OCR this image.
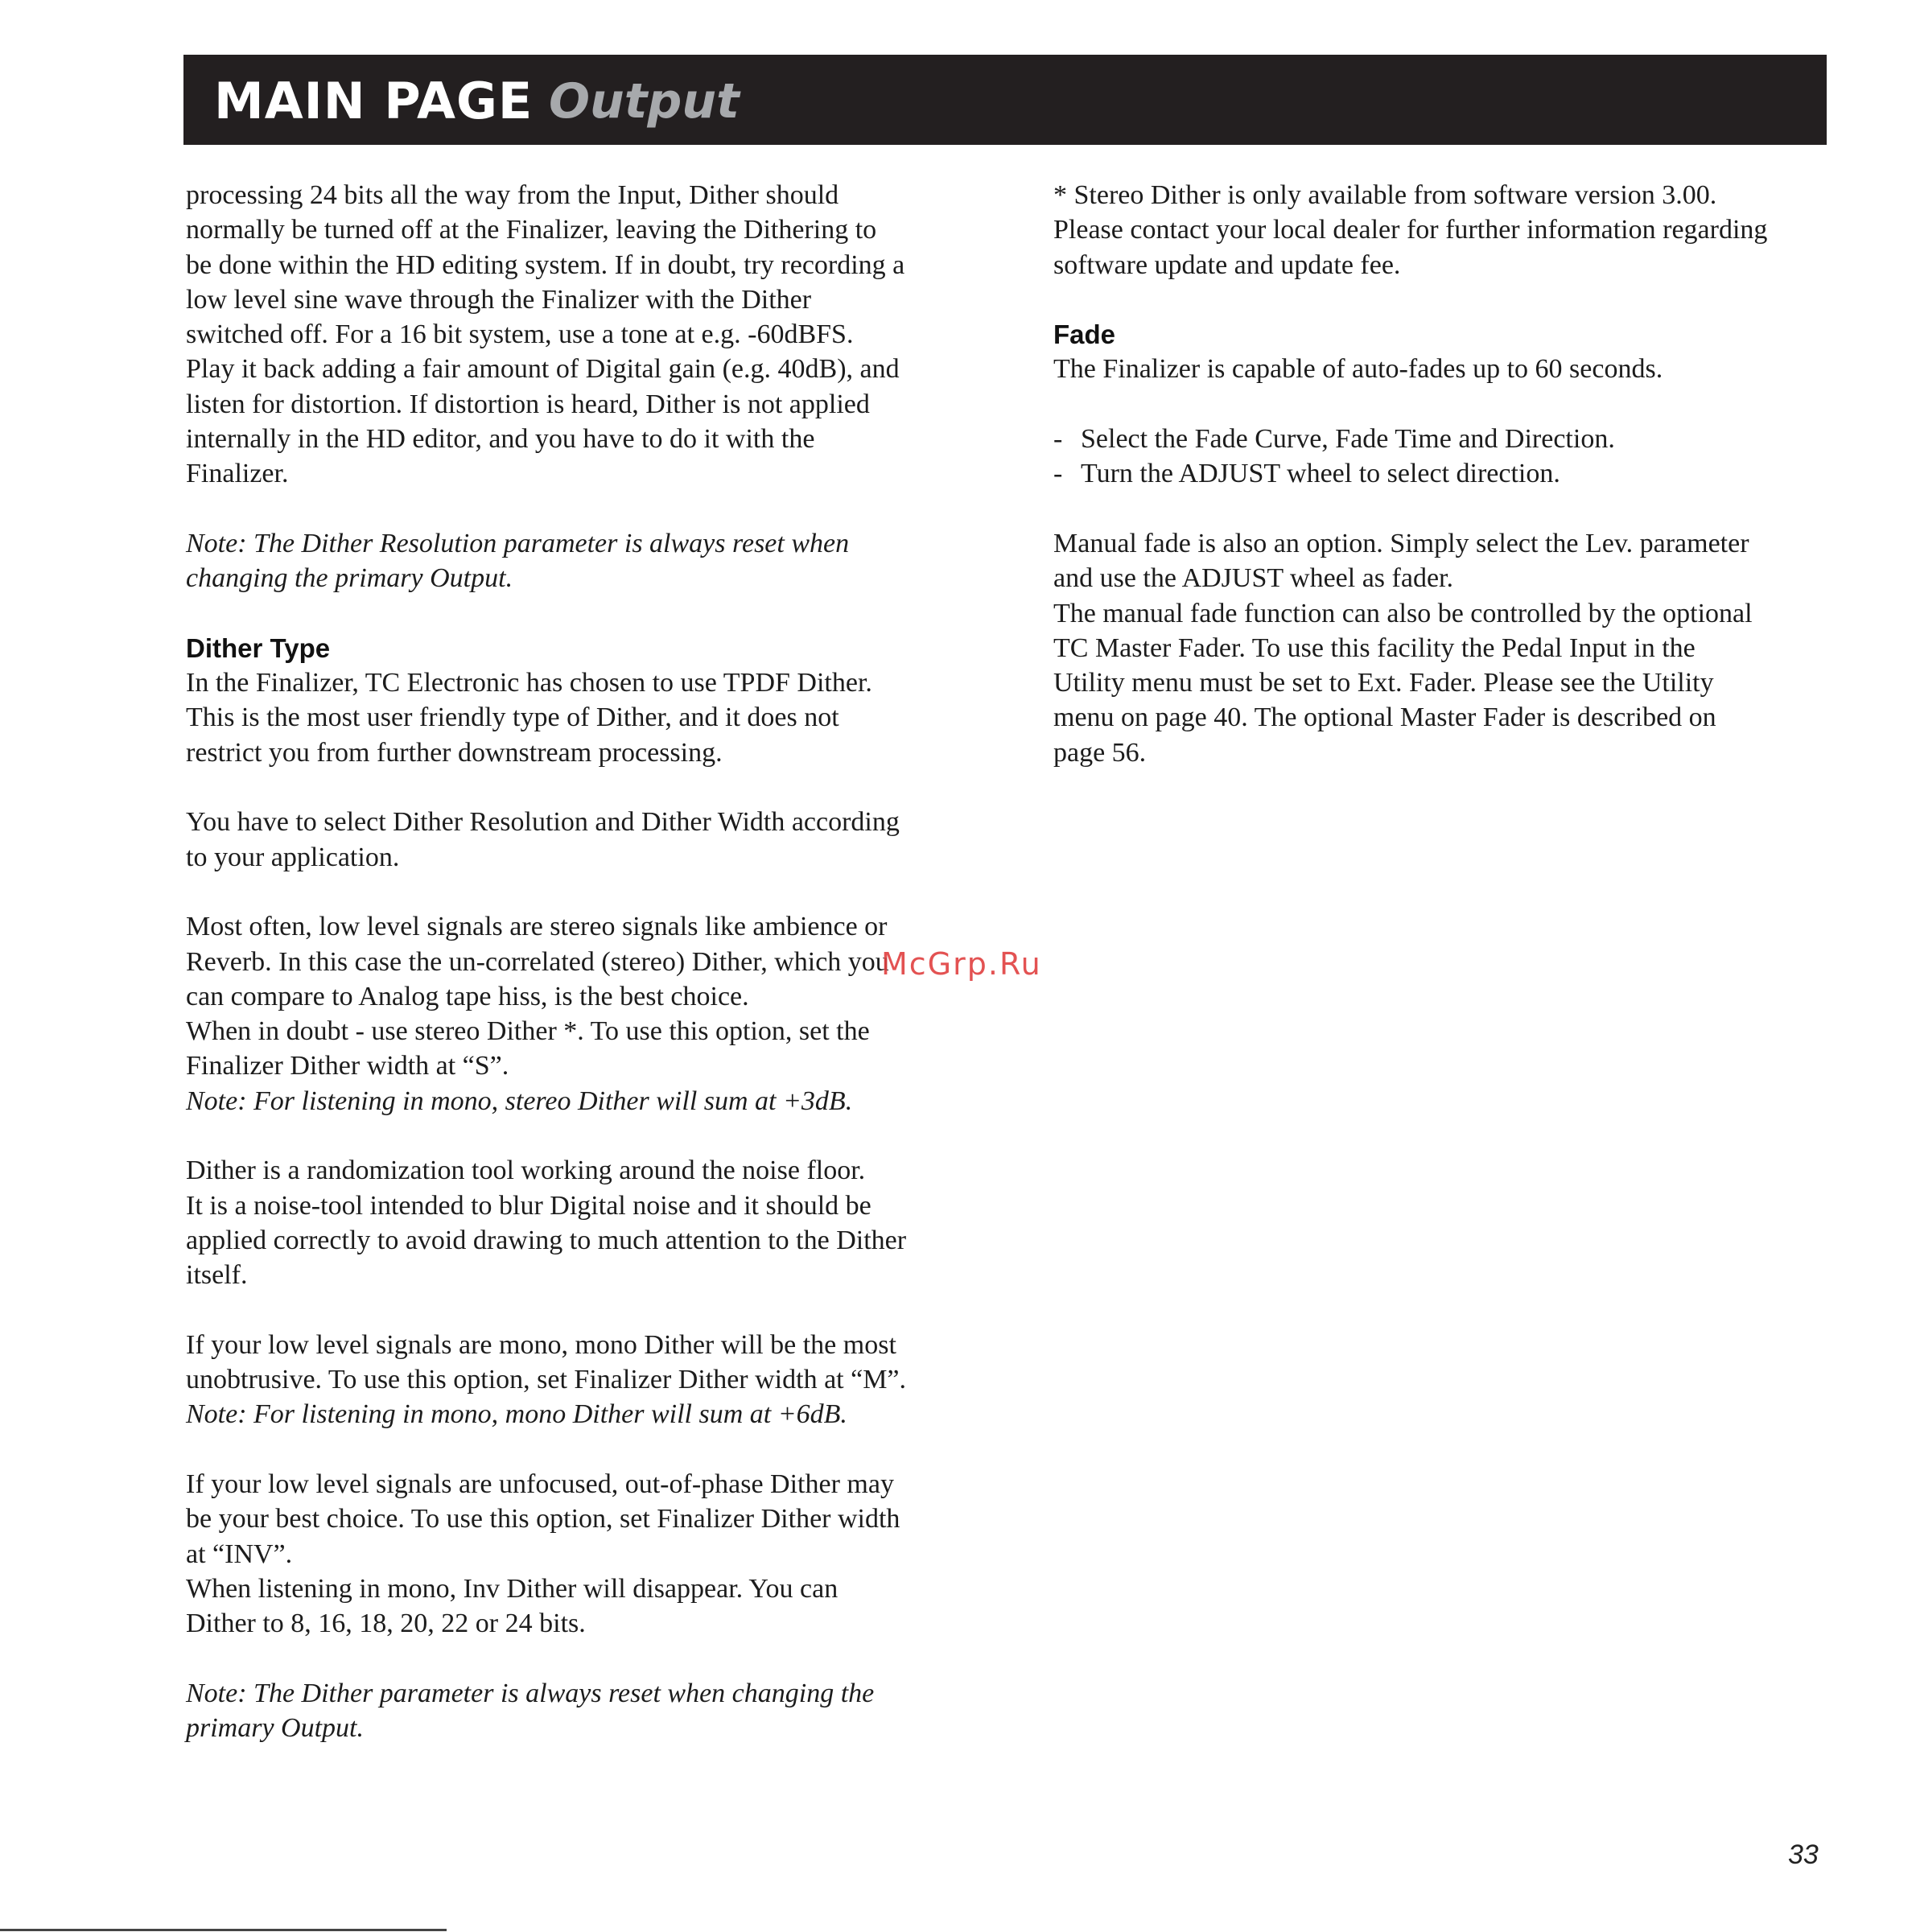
MAIN PAGE Output

processing 24 bits all the way from the Input, Dither should
normally be turned off at the Finalizer, leaving the Dithering to
be done within the HD editing system. If in doubt, try recording a
low level sine wave through the Finalizer with the Dither
switched off. For a 16 bit system, use a tone at e.g. -60dBFS.
Play it back adding a fair amount of Digital gain (e.g. 40dB), and
listen for distortion. If distortion is heard, Dither is not applied
internally in the HD editor, and you have to do it with the
Finalizer.

Note: The Dither Resolution parameter is always reset when
changing the primary Output.

Dither Type

In the Finalizer, TC Electronic has chosen to use TPDF Dither.
This is the most user friendly type of Dither, and it does not
restrict you from further downstream processing.

You have to select Dither Resolution and Dither Width according
to your application.

Most often, low level signals are stereo signals like ambience or
Reverb. In this case the un-correlated (stereo) Dither, which you
can compare to Analog tape hiss, is the best choice.
When in doubt - use stereo Dither *. To use this option, set the
Finalizer Dither width at “S”.

Note: For listening in mono, stereo Dither will sum at +3dB.

Dither is a randomization tool working around the noise floor.
It is a noise-tool intended to blur Digital noise and it should be
applied correctly to avoid drawing to much attention to the Dither
itself.

If your low level signals are mono, mono Dither will be the most
unobtrusive. To use this option, set Finalizer Dither width at “M”.

Note: For listening in mono, mono Dither will sum at +6dB.

If your low level signals are unfocused, out-of-phase Dither may
be your best choice. To use this option, set Finalizer Dither width
at “INV”.
When listening in mono, Inv Dither will disappear. You can
Dither to 8, 16, 18, 20, 22 or 24 bits.

Note: The Dither parameter is always reset when changing the
primary Output.

* Stereo Dither is only available from software version 3.00.
Please contact your local dealer for further information regarding
software update and update fee.

Fade

The Finalizer is capable of auto-fades up to 60 seconds.

- Select the Fade Curve, Fade Time and Direction.
- Turn the ADJUST wheel to select direction.

Manual fade is also an option. Simply select the Lev. parameter
and use the ADJUST wheel as fader.
The manual fade function can also be controlled by the optional
TC Master Fader. To use this facility the Pedal Input in the
Utility menu must be set to Ext. Fader. Please see the Utility
menu on page 40. The optional Master Fader is described on
page 56.

McGrp.Ru
33
